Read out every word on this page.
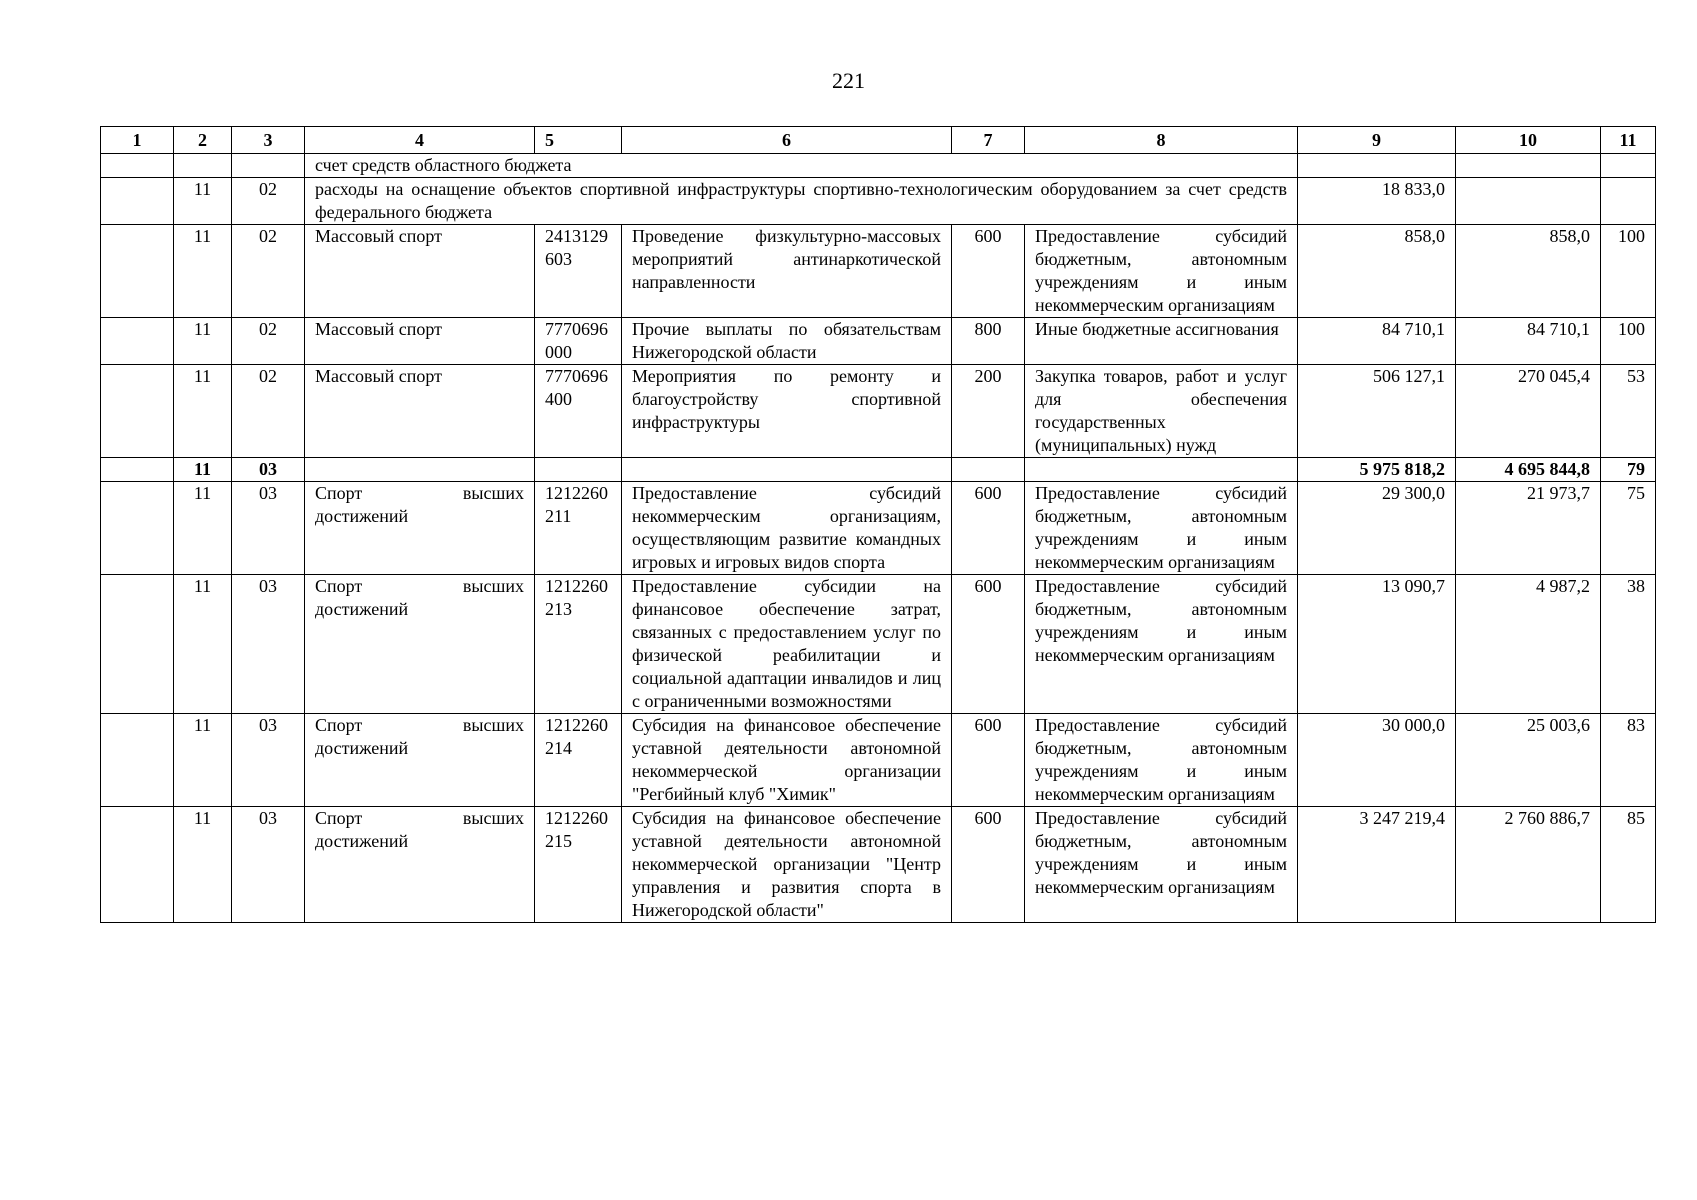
221
1	2	3	4	5	6	7	8	9	10	11
			счет средств областного бюджета							
	11	02	расходы на оснащение объектов спортивной инфраструктуры спортивно-технологическим оборудованием за счет средств федерального бюджета					18 833,0		
	11	02	Массовый спорт	2413129603	Проведение физкультурно-массовых мероприятий антинаркотической направленности	600	Предоставление субсидий бюджетным, автономным учреждениям и иным некоммерческим организациям	858,0	858,0	100
	11	02	Массовый спорт	7770696000	Прочие выплаты по обязательствам Нижегородской области	800	Иные бюджетные ассигнования	84 710,1	84 710,1	100
	11	02	Массовый спорт	7770696400	Мероприятия по ремонту и благоустройству спортивной инфраструктуры	200	Закупка товаров, работ и услуг для обеспечения государственных (муниципальных) нужд	506 127,1	270 045,4	53
	11	03						5 975 818,2	4 695 844,8	79
	11	03	Спорт высших достижений	1212260211	Предоставление субсидий некоммерческим организациям, осуществляющим развитие командных игровых и игровых видов спорта	600	Предоставление субсидий бюджетным, автономным учреждениям и иным некоммерческим организациям	29 300,0	21 973,7	75
	11	03	Спорт высших достижений	1212260213	Предоставление субсидии на финансовое обеспечение затрат, связанных с предоставлением услуг по физической реабилитации и социальной адаптации инвалидов и лиц с ограниченными возможностями	600	Предоставление субсидий бюджетным, автономным учреждениям и иным некоммерческим организациям	13 090,7	4 987,2	38
	11	03	Спорт высших достижений	1212260214	Субсидия на финансовое обеспечение уставной деятельности автономной некоммерческой организации "Регбийный клуб "Химик"	600	Предоставление субсидий бюджетным, автономным учреждениям и иным некоммерческим организациям	30 000,0	25 003,6	83
	11	03	Спорт высших достижений	1212260215	Субсидия на финансовое обеспечение уставной деятельности автономной некоммерческой организации "Центр управления и развития спорта в Нижегородской области"	600	Предоставление субсидий бюджетным, автономным учреждениям и иным некоммерческим организациям	3 247 219,4	2 760 886,7	85
